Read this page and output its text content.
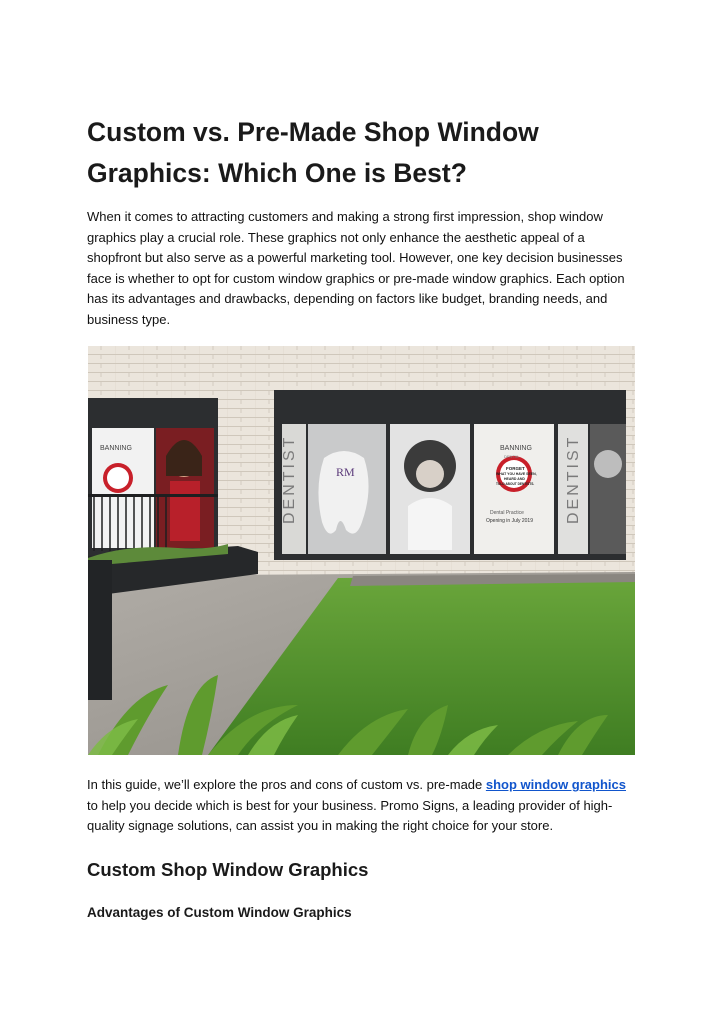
Custom vs. Pre-Made Shop Window Graphics: Which One is Best?

When it comes to attracting customers and making a strong first impression, shop window graphics play a crucial role. These graphics not only enhance the aesthetic appeal of a shopfront but also serve as a powerful marketing tool. However, one key decision businesses face is whether to opt for custom window graphics or pre-made window graphics. Each option has its advantages and drawbacks, depending on factors like budget, branding needs, and business type.

DENTIST	DENTIST
BANNING
DENTAL
BANNING
FORGET
WHAT YOU HAVE SEEN,
HEARD AND
TOLD ABOUT DENTISTS.
Dental Practice
Opening in July 2019
RM

In this guide, we’ll explore the pros and cons of custom vs. pre-made shop window graphics to help you decide which is best for your business. Promo Signs, a leading provider of high-quality signage solutions, can assist you in making the right choice for your store.

Custom Shop Window Graphics
Advantages of Custom Window Graphics
